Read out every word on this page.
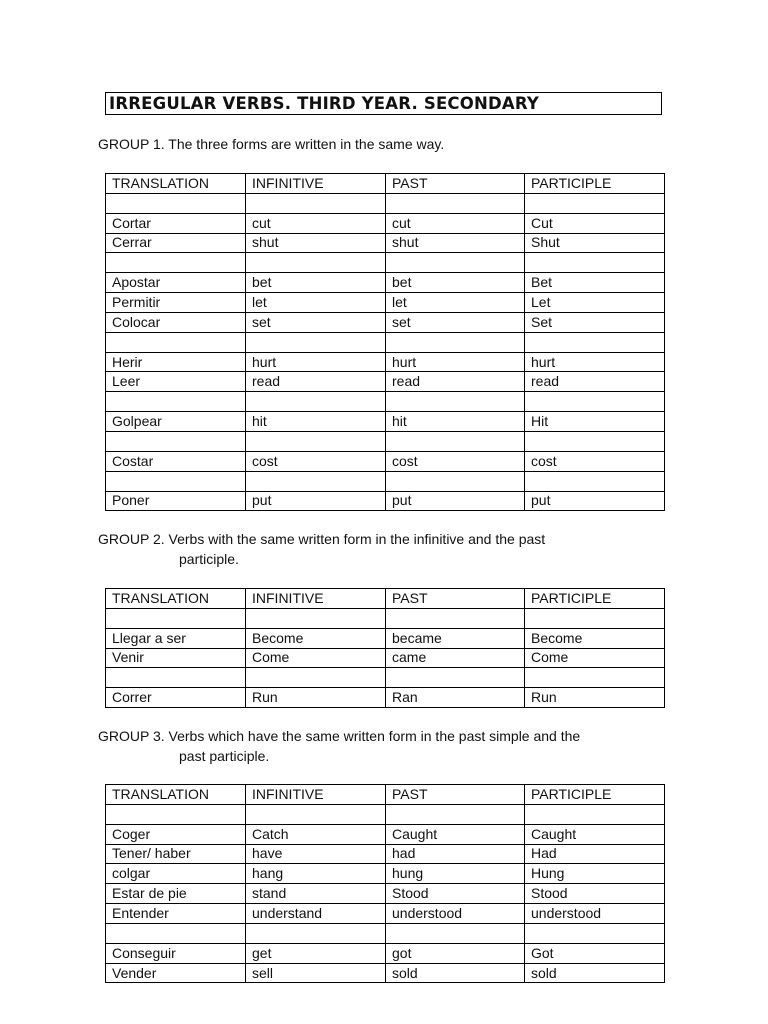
IRREGULAR VERBS. THIRD YEAR. SECONDARY

GROUP 1. The three forms are written in the same way.

TRANSLATION	INFINITIVE	PAST	PARTICIPLE

Cortar	cut	cut	Cut
Cerrar	shut	shut	Shut

Apostar	bet	bet	Bet
Permitir	let	let	Let
Colocar	set	set	Set

Herir	hurt	hurt	hurt
Leer	read	read	read

Golpear	hit	hit	Hit

Costar	cost	cost	cost

Poner	put	put	put

GROUP 2. Verbs with the same written form in the infinitive and the past
participle.

TRANSLATION	INFINITIVE	PAST	PARTICIPLE

Llegar a ser	Become	became	Become
Venir	Come	came	Come

Correr	Run	Ran	Run

GROUP 3. Verbs which have the same written form in the past simple and the
past participle.

TRANSLATION	INFINITIVE	PAST	PARTICIPLE

Coger	Catch	Caught	Caught
Tener/ haber	have	had	Had
colgar	hang	hung	Hung
Estar de pie	stand	Stood	Stood
Entender	understand	understood	understood

Conseguir	get	got	Got
Vender	sell	sold	sold
